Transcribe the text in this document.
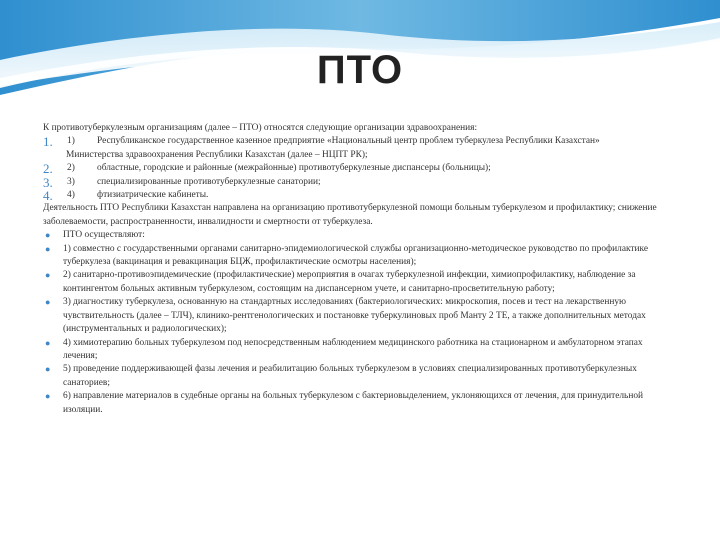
ПТО

К противотуберкулезным организациям (далее – ПТО) относятся следующие организации здравоохранения:

1.	1)	Республиканское государственное казенное предприятие «Национальный центр проблем туберкулеза Республики Казахстан»

Министерства здравоохранения Республики Казахстан (далее – НЦПТ РК);

2.	2)	областные, городские и районные (межрайонные) противотуберкулезные диспансеры (больницы);
3.	3)	специализированные противотуберкулезные санатории;
4.	4)	фтизиатрические кабинеты.

Деятельность ПТО Республики Казахстан направлена на организацию противотуберкулезной помощи больным туберкулезом и профилактику; снижение заболеваемости, распространенности, инвалидности и смертности от туберкулеза.

●	ПТО осуществляют:
●	1) совместно с государственными органами санитарно-эпидемиологической службы организационно-методическое руководство по профилактике туберкулеза (вакцинация и ревакцинация БЦЖ, профилактические осмотры населения);
●	2) санитарно-противоэпидемические (профилактические) мероприятия в очагах туберкулезной инфекции, химиопрофилактику, наблюдение за контингентом больных активным туберкулезом, состоящим на диспансерном учете, и санитарно-просветительную работу;
●	3) диагностику туберкулеза, основанную на стандартных исследованиях (бактериологических: микроскопия, посев и тест на лекарственную чувствительность (далее – ТЛЧ), клинико-рентгенологических и постановке туберкулиновых проб Манту 2 ТЕ, а также дополнительных методах (инструментальных и радиологических);
●	4) химиотерапию больных туберкулезом под непосредственным наблюдением медицинского работника на стационарном и амбулаторном этапах лечения;
●	5) проведение поддерживающей фазы лечения и реабилитацию больных туберкулезом в условиях специализированных противотуберкулезных санаториев;
●	6) направление материалов в судебные органы на больных туберкулезом с бактериовыделением, уклоняющихся от лечения, для принудительной изоляции.
